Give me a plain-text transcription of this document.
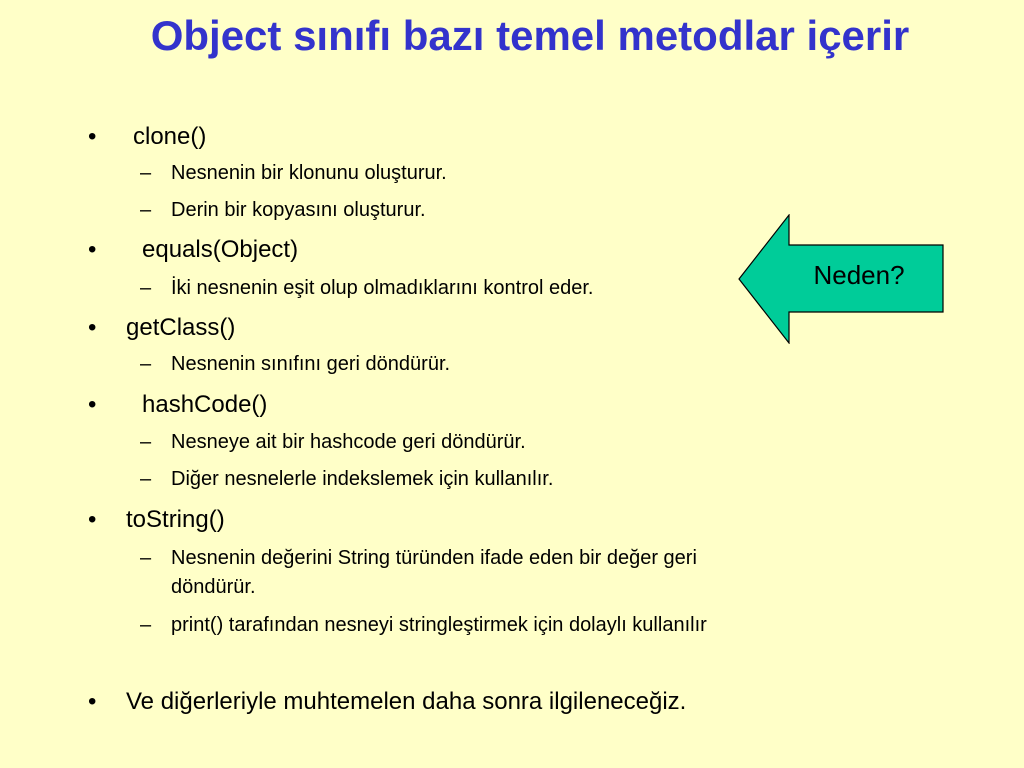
Object sınıfı bazı temel metodlar içerir
• clone()
– Nesnenin bir klonunu oluşturur.
– Derin bir kopyasını oluşturur.
• equals(Object)
– İki nesnenin eşit olup olmadıklarını kontrol eder.
• getClass()
– Nesnenin sınıfını geri döndürür.
• hashCode()
– Nesneye ait bir hashcode geri döndürür.
– Diğer nesnelerle indekslemek için kullanılır.
• toString()
– Nesnenin değerini String türünden ifade eden bir değer geri
döndürür.
– print() tarafından nesneyi stringleştirmek için dolaylı kullanılır
• Ve diğerleriyle muhtemelen daha sonra ilgileneceğiz.
Neden?
